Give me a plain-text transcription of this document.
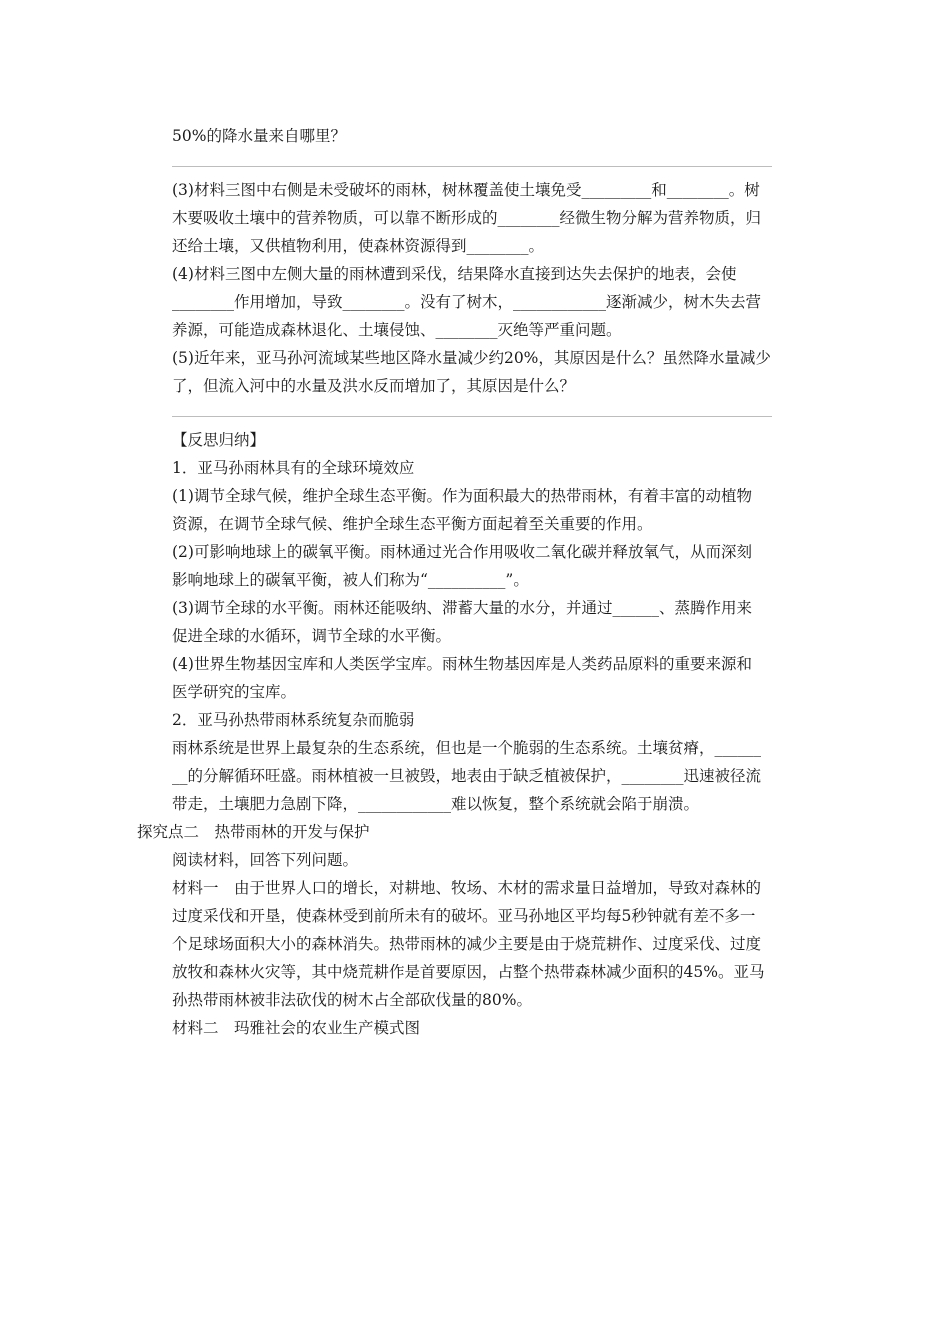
50%的降水量来自哪里？
(3)材料三图中右侧是未受破坏的雨林，树林覆盖使土壤免受_________和________。树
木要吸收土壤中的营养物质，可以靠不断形成的________经微生物分解为营养物质，归
还给土壤，又供植物利用，使森林资源得到________。
(4)材料三图中左侧大量的雨林遭到采伐，结果降水直接到达失去保护的地表，会使
________作用增加，导致________。没有了树木，____________逐渐减少，树木失去营
养源，可能造成森林退化、土壤侵蚀、________灭绝等严重问题。
(5)近年来，亚马孙河流域某些地区降水量减少约20%，其原因是什么？虽然降水量减少
了，但流入河中的水量及洪水反而增加了，其原因是什么？
【反思归纳】
1．亚马孙雨林具有的全球环境效应
(1)调节全球气候，维护全球生态平衡。作为面积最大的热带雨林，有着丰富的动植物
资源，在调节全球气候、维护全球生态平衡方面起着至关重要的作用。
(2)可影响地球上的碳氧平衡。雨林通过光合作用吸收二氧化碳并释放氧气，从而深刻
影响地球上的碳氧平衡，被人们称为“__________”。
(3)调节全球的水平衡。雨林还能吸纳、滞蓄大量的水分，并通过______、蒸腾作用来
促进全球的水循环，调节全球的水平衡。
(4)世界生物基因宝库和人类医学宝库。雨林生物基因库是人类药品原料的重要来源和
医学研究的宝库。
2．亚马孙热带雨林系统复杂而脆弱
雨林系统是世界上最复杂的生态系统，但也是一个脆弱的生态系统。土壤贫瘠，______
__的分解循环旺盛。雨林植被一旦被毁，地表由于缺乏植被保护，________迅速被径流
带走，土壤肥力急剧下降，____________难以恢复，整个系统就会陷于崩溃。
探究点二　热带雨林的开发与保护
阅读材料，回答下列问题。
材料一　由于世界人口的增长，对耕地、牧场、木材的需求量日益增加，导致对森林的
过度采伐和开垦，使森林受到前所未有的破坏。亚马孙地区平均每5秒钟就有差不多一
个足球场面积大小的森林消失。热带雨林的减少主要是由于烧荒耕作、过度采伐、过度
放牧和森林火灾等，其中烧荒耕作是首要原因，占整个热带森林减少面积的45%。亚马
孙热带雨林被非法砍伐的树木占全部砍伐量的80%。
材料二　玛雅社会的农业生产模式图
